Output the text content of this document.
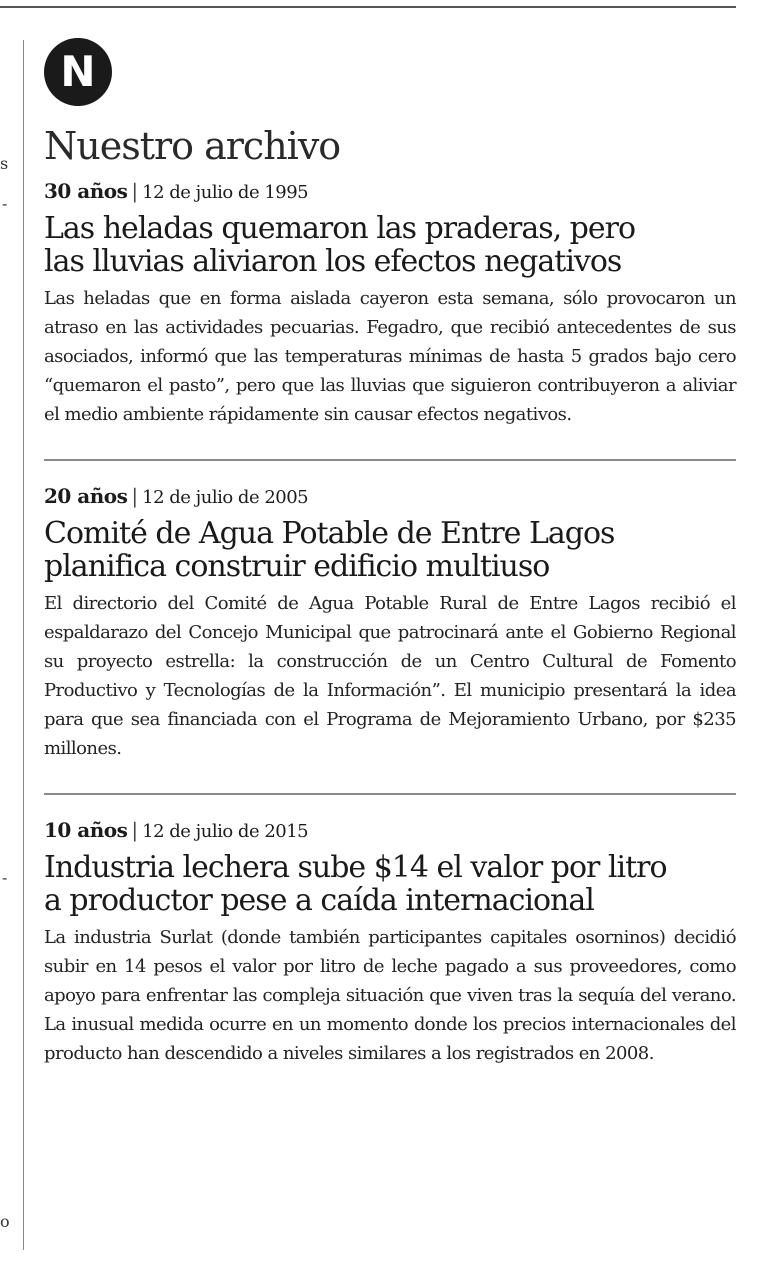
s
-
-
o
N
Nuestro archivo
30 años | 12 de julio de 1995
Las heladas quemaron las praderas, pero
las lluvias aliviaron los efectos negativos

Las heladas que en forma aislada cayeron esta semana, sólo provocaron un atraso en las actividades pecuarias. Fegadro, que recibió antecedentes de sus asociados, informó que las temperaturas mínimas de hasta 5 grados bajo cero “quemaron el pasto”, pero que las lluvias que siguieron contribuyeron a aliviar el medio ambiente rápidamente sin causar efectos negativos.

20 años | 12 de julio de 2005
Comité de Agua Potable de Entre Lagos
planifica construir edificio multiuso

El directorio del Comité de Agua Potable Rural de Entre Lagos recibió el espaldarazo del Concejo Municipal que patrocinará ante el Gobierno Regional su proyecto estrella: la construcción de un Centro Cultural de Fomento Productivo y Tecnologías de la Información”. El municipio presentará la idea para que sea financiada con el Programa de Mejoramiento Urbano, por $235 millones.

10 años | 12 de julio de 2015
Industria lechera sube $14 el valor por litro
a productor pese a caída internacional

La industria Surlat (donde también participantes capitales osorninos) decidió subir en 14 pesos el valor por litro de leche pagado a sus proveedores, como apoyo para enfrentar las compleja situación que viven tras la sequía del verano. La inusual medida ocurre en un momento donde los precios internacionales del producto han descendido a niveles similares a los registrados en 2008.
